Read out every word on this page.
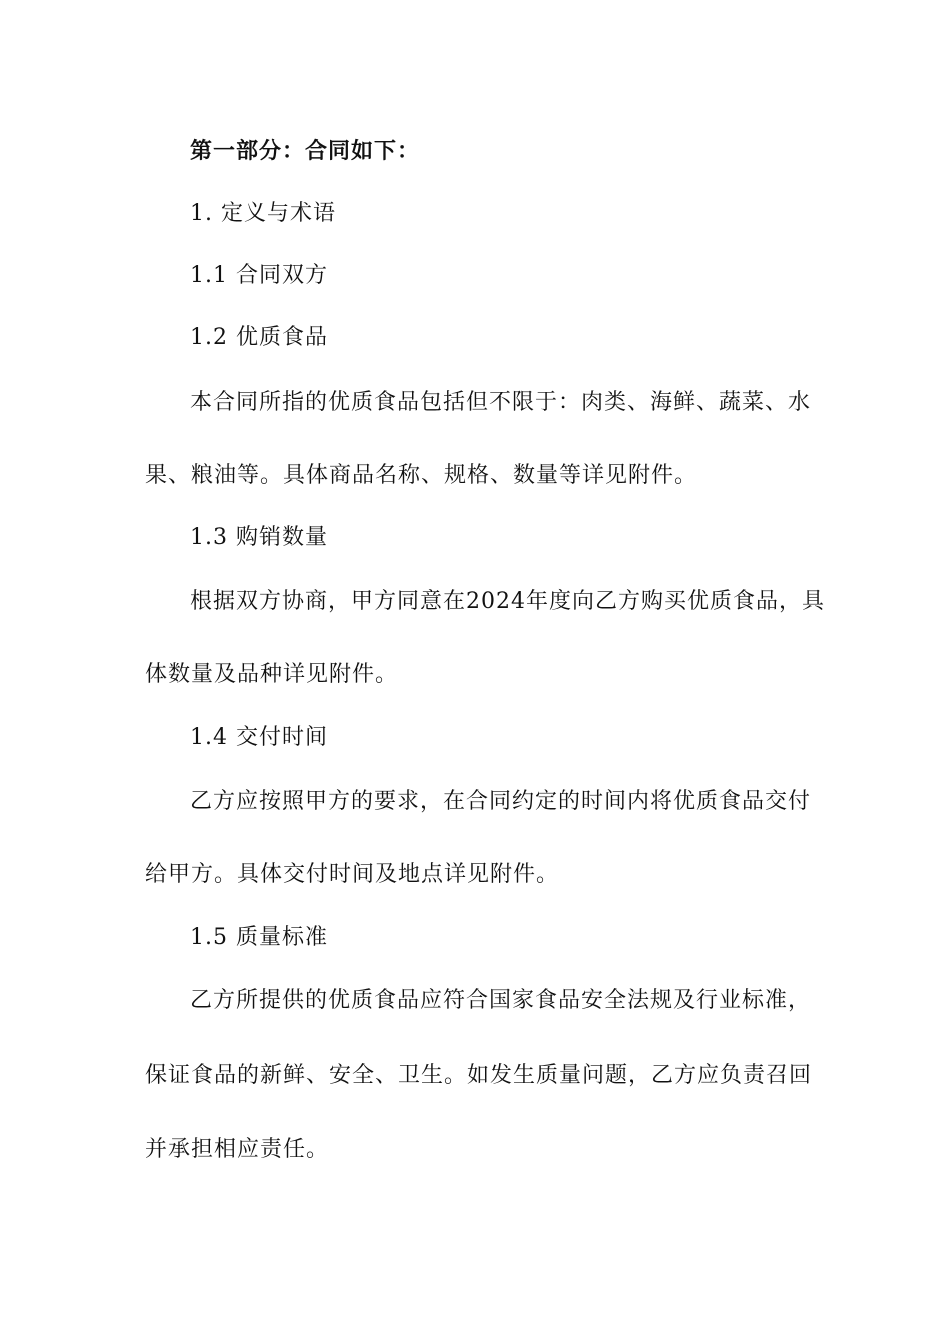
第一部分：合同如下：
1. 定义与术语
1.1 合同双方
1.2 优质食品
本合同所指的优质食品包括但不限于：肉类、海鲜、蔬菜、水
果、粮油等。具体商品名称、规格、数量等详见附件。
1.3 购销数量
根据双方协商，甲方同意在2024年度向乙方购买优质食品，具
体数量及品种详见附件。
1.4 交付时间
乙方应按照甲方的要求，在合同约定的时间内将优质食品交付
给甲方。具体交付时间及地点详见附件。
1.5 质量标准
乙方所提供的优质食品应符合国家食品安全法规及行业标准，
保证食品的新鲜、安全、卫生。如发生质量问题，乙方应负责召回
并承担相应责任。
